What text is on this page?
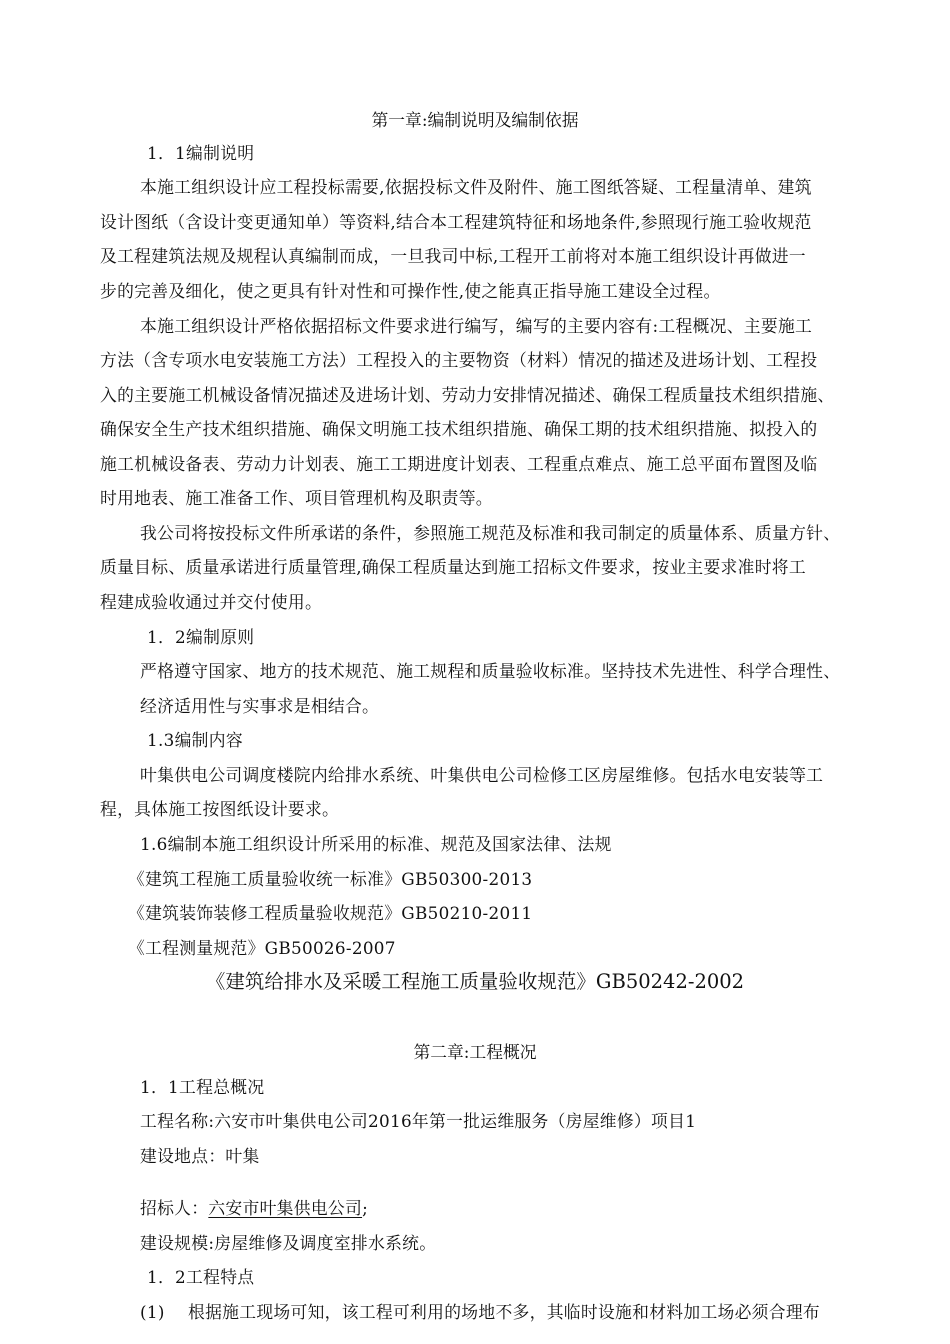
第一章:编制说明及编制依据
1．1编制说明
本施工组织设计应工程投标需要,依据投标文件及附件、施工图纸答疑、工程量清单、建筑
设计图纸（含设计变更通知单）等资料,结合本工程建筑特征和场地条件,参照现行施工验收规范
及工程建筑法规及规程认真编制而成，一旦我司中标,工程开工前将对本施工组织设计再做进一
步的完善及细化，使之更具有针对性和可操作性,使之能真正指导施工建设全过程。
本施工组织设计严格依据招标文件要求进行编写，编写的主要内容有:工程概况、主要施工
方法（含专项水电安装施工方法）工程投入的主要物资（材料）情况的描述及进场计划、工程投
入的主要施工机械设备情况描述及进场计划、劳动力安排情况描述、确保工程质量技术组织措施、
确保安全生产技术组织措施、确保文明施工技术组织措施、确保工期的技术组织措施、拟投入的
施工机械设备表、劳动力计划表、施工工期进度计划表、工程重点难点、施工总平面布置图及临
时用地表、施工准备工作、项目管理机构及职责等。
我公司将按投标文件所承诺的条件，参照施工规范及标准和我司制定的质量体系、质量方针、
质量目标、质量承诺进行质量管理,确保工程质量达到施工招标文件要求，按业主要求准时将工
程建成验收通过并交付使用。
1．2编制原则
严格遵守国家、地方的技术规范、施工规程和质量验收标准。坚持技术先进性、科学合理性、
经济适用性与实事求是相结合。
1.3编制内容
叶集供电公司调度楼院内给排水系统、叶集供电公司检修工区房屋维修。包括水电安装等工
程，具体施工按图纸设计要求。
1.6编制本施工组织设计所采用的标准、规范及国家法律、法规
《建筑工程施工质量验收统一标准》GB50300-2013
《建筑装饰装修工程质量验收规范》GB50210-2011
《工程测量规范》GB50026-2007
《建筑给排水及采暖工程施工质量验收规范》GB50242-2002
第二章:工程概况
1．1工程总概况
工程名称:六安市叶集供电公司2016年第一批运维服务（房屋维修）项目1
建设地点：叶集
招标人：六安市叶集供电公司;
建设规模:房屋维修及调度室排水系统。
1．2工程特点
(1)	根据施工现场可知，该工程可利用的场地不多，其临时设施和材料加工场必须合理布
